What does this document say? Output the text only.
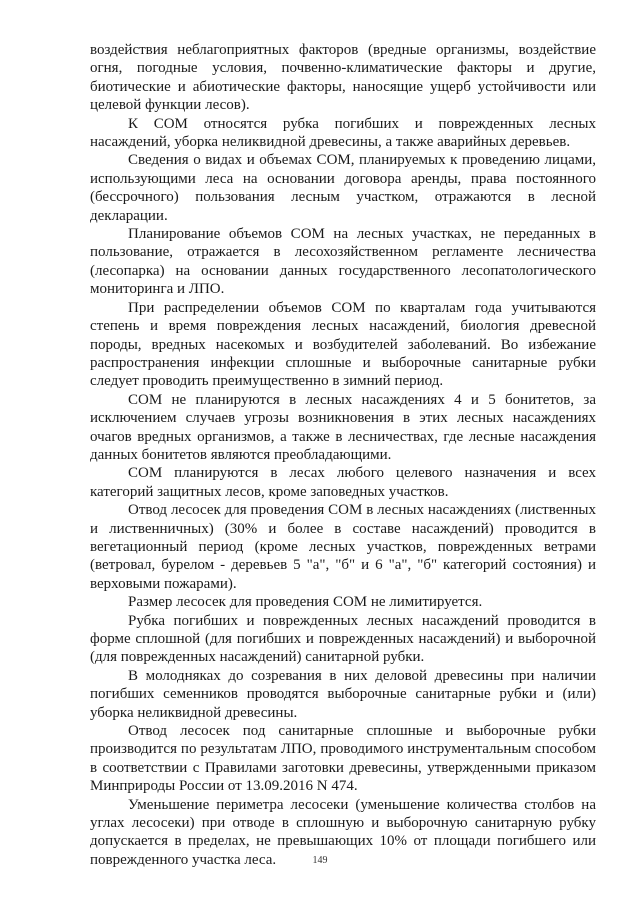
воздействия неблагоприятных факторов (вредные организмы, воздействие огня, погодные условия, почвенно-климатические факторы и другие, биотические и абиотические факторы, наносящие ущерб устойчивости или целевой функции лесов).

К СОМ относятся рубка погибших и поврежденных лесных насаждений, уборка неликвидной древесины, а также аварийных деревьев.

Сведения о видах и объемах СОМ, планируемых к проведению лицами, использующими леса на основании договора аренды, права постоянного (бессрочного) пользования лесным участком, отражаются в лесной декларации.

Планирование объемов СОМ на лесных участках, не переданных в пользование, отражается в лесохозяйственном регламенте лесничества (лесопарка) на основании данных государственного лесопатологического мониторинга и ЛПО.

При распределении объемов СОМ по кварталам года учитываются степень и время повреждения лесных насаждений, биология древесной породы, вредных насекомых и возбудителей заболеваний. Во избежание распространения инфекции сплошные и выборочные санитарные рубки следует проводить преимущественно в зимний период.

СОМ не планируются в лесных насаждениях 4 и 5 бонитетов, за исключением случаев угрозы возникновения в этих лесных насаждениях очагов вредных организмов, а также в лесничествах, где лесные насаждения данных бонитетов являются преобладающими.

СОМ планируются в лесах любого целевого назначения и всех категорий защитных лесов, кроме заповедных участков.

Отвод лесосек для проведения СОМ в лесных насаждениях (лиственных и лиственничных) (30% и более в составе насаждений) проводится в вегетационный период (кроме лесных участков, поврежденных ветрами (ветровал, бурелом - деревьев 5 "а", "б" и 6 "а", "б" категорий состояния) и верховыми пожарами).

Размер лесосек для проведения СОМ не лимитируется.

Рубка погибших и поврежденных лесных насаждений проводится в форме сплошной (для погибших и поврежденных насаждений) и выборочной (для поврежденных насаждений) санитарной рубки.

В молодняках до созревания в них деловой древесины при наличии погибших семенников проводятся выборочные санитарные рубки и (или) уборка неликвидной древесины.

Отвод лесосек под санитарные сплошные и выборочные рубки производится по результатам ЛПО, проводимого инструментальным способом в соответствии с Правилами заготовки древесины, утвержденными приказом Минприроды России от 13.09.2016 N 474.

Уменьшение периметра лесосеки (уменьшение количества столбов на углах лесосеки) при отводе в сплошную и выборочную санитарную рубку допускается в пределах, не превышающих 10% от площади погибшего или поврежденного участка леса.	149
